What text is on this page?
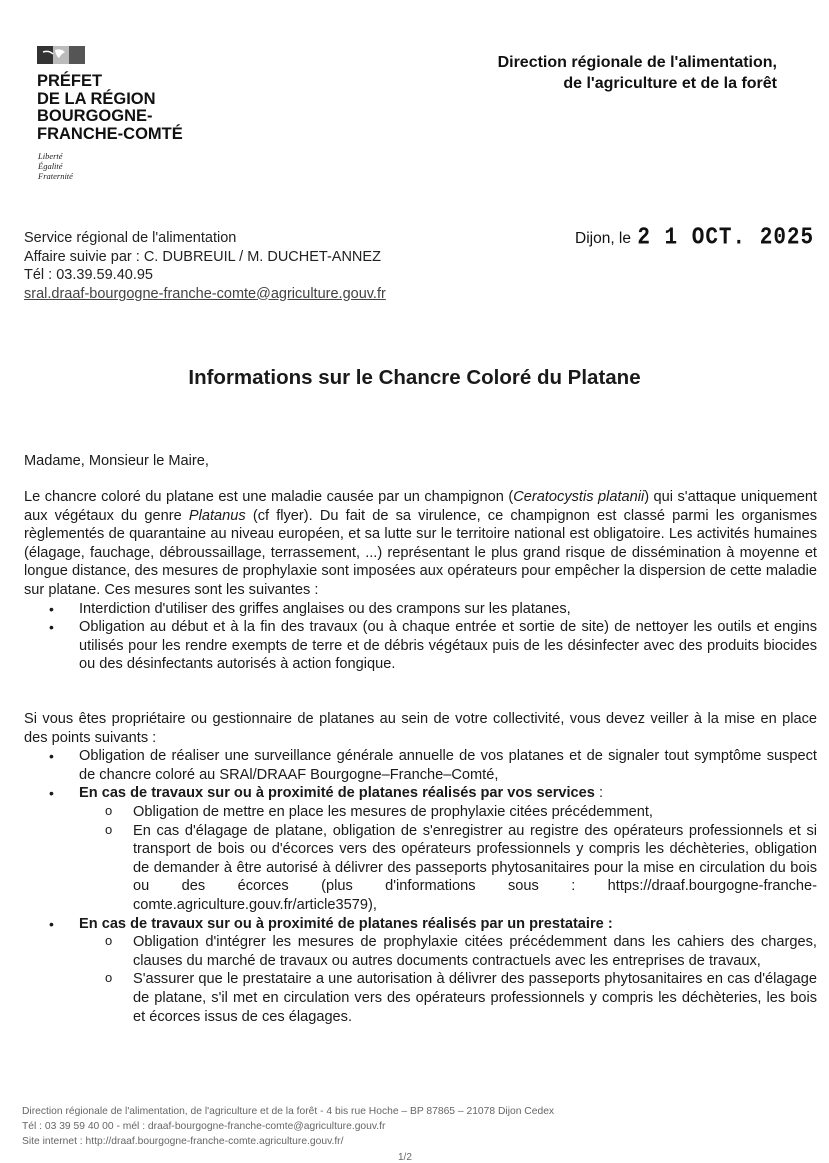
PRÉFET
DE LA RÉGION
BOURGOGNE-
FRANCHE-COMTÉ
Liberté
Égalité
Fraternité
Direction régionale de l'alimentation,
de l'agriculture et de la forêt
Service régional de l'alimentation
Affaire suivie par : C. DUBREUIL / M. DUCHET-ANNEZ
Tél : 03.39.59.40.95
sral.draaf-bourgogne-franche-comte@agriculture.gouv.fr
Dijon, le 2 1 OCT. 2025
Informations sur le Chancre Coloré du Platane
Madame, Monsieur le Maire,
Le chancre coloré du platane est une maladie causée par un champignon (Ceratocystis platanii) qui s'attaque uniquement aux végétaux du genre Platanus (cf flyer). Du fait de sa virulence, ce champignon est classé parmi les organismes règlementés de quarantaine au niveau européen, et sa lutte sur le territoire national est obligatoire. Les activités humaines (élagage, fauchage, débroussaillage, terrassement, ...) représentant le plus grand risque de dissémination à moyenne et longue distance, des mesures de prophylaxie sont imposées aux opérateurs pour empêcher la dispersion de cette maladie sur platane. Ces mesures sont les suivantes :
• Interdiction d'utiliser des griffes anglaises ou des crampons sur les platanes,
• Obligation au début et à la fin des travaux (ou à chaque entrée et sortie de site) de nettoyer les outils et engins utilisés pour les rendre exempts de terre et de débris végétaux puis de les désinfecter avec des produits biocides ou des désinfectants autorisés à action fongique.
Si vous êtes propriétaire ou gestionnaire de platanes au sein de votre collectivité, vous devez veiller à la mise en place des points suivants :
• Obligation de réaliser une surveillance générale annuelle de vos platanes et de signaler tout symptôme suspect de chancre coloré au SRAl/DRAAF Bourgogne–Franche–Comté,
• En cas de travaux sur ou à proximité de platanes réalisés par vos services :
o Obligation de mettre en place les mesures de prophylaxie citées précédemment,
o En cas d'élagage de platane, obligation de s'enregistrer au registre des opérateurs professionnels et si transport de bois ou d'écorces vers des opérateurs professionnels y compris les déchèteries, obligation de demander à être autorisé à délivrer des passeports phytosanitaires pour la mise en circulation du bois ou des écorces (plus d'informations sous : https://draaf.bourgogne-franche-comte.agriculture.gouv.fr/article3579),
• En cas de travaux sur ou à proximité de platanes réalisés par un prestataire :
o Obligation d'intégrer les mesures de prophylaxie citées précédemment dans les cahiers des charges, clauses du marché de travaux ou autres documents contractuels avec les entreprises de travaux,
o S'assurer que le prestataire a une autorisation à délivrer des passeports phytosanitaires en cas d'élagage de platane, s'il met en circulation vers des opérateurs professionnels y compris les déchèteries, les bois et écorces issus de ces élagages.
Direction régionale de l'alimentation, de l'agriculture et de la forêt - 4 bis rue Hoche – BP 87865 – 21078 Dijon Cedex
Tél : 03 39 59 40 00 - mél : draaf-bourgogne-franche-comte@agriculture.gouv.fr
Site internet : http://draaf.bourgogne-franche-comte.agriculture.gouv.fr/
1/2
